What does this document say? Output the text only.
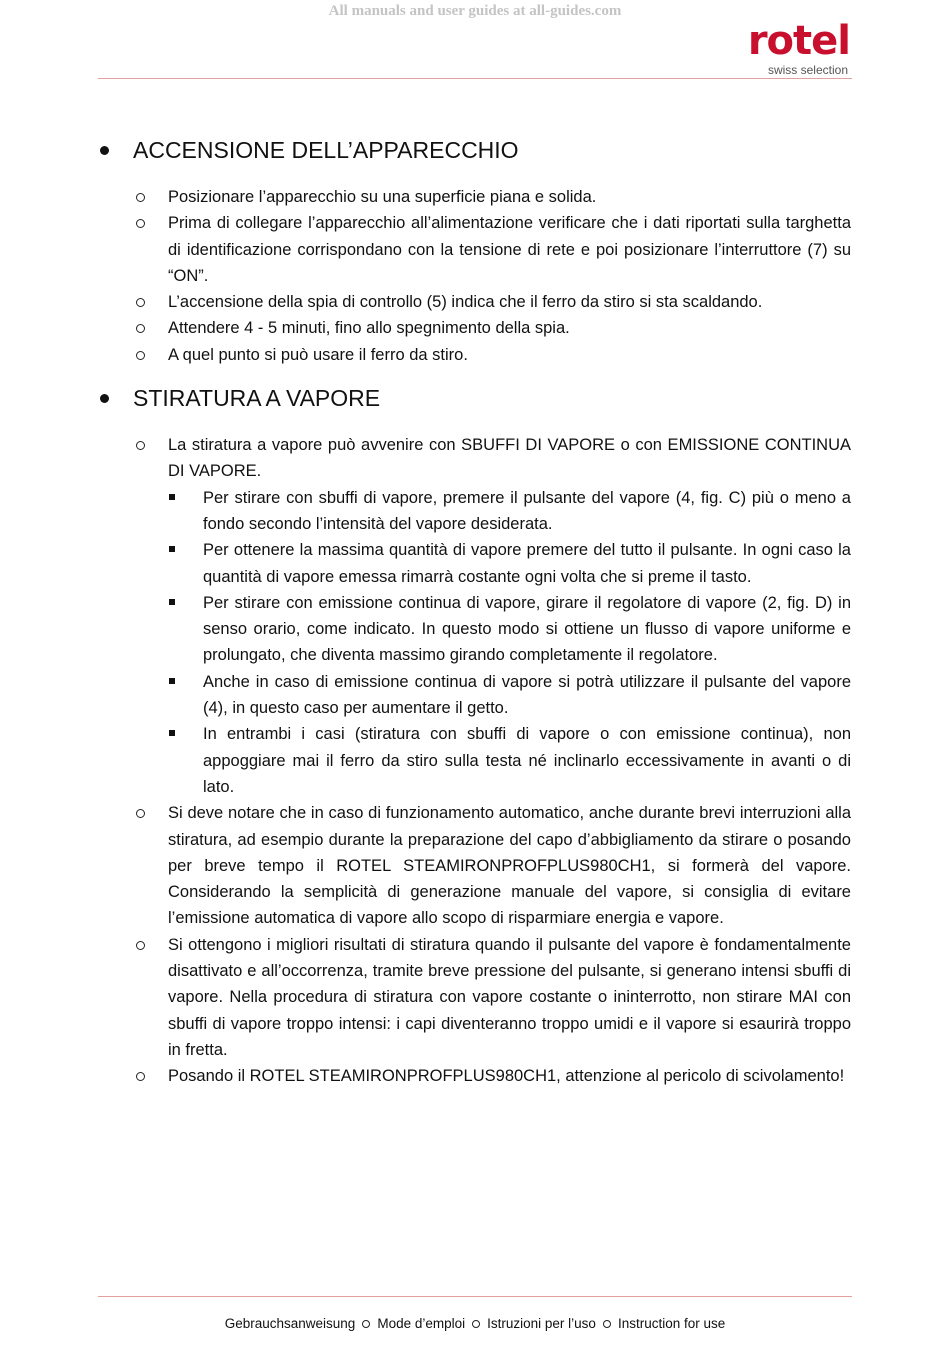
All manuals and user guides at all-guides.com
rotel
swiss selection
ACCENSIONE DELL’APPARECCHIO
Posizionare l’apparecchio su una superficie piana e solida.
Prima di collegare l’apparecchio all’alimentazione verificare che i dati riportati sulla targhetta di identificazione corrispondano con la tensione di rete e poi posizionare l’interruttore (7) su “ON”.
L’accensione della spia di controllo (5) indica che il ferro da stiro si sta scaldando.
Attendere 4 - 5 minuti, fino allo spegnimento della spia.
A quel punto si può usare il ferro da stiro.
STIRATURA A VAPORE
La stiratura a vapore può avvenire con SBUFFI DI VAPORE o con EMISSIONE CONTINUA DI VAPORE.
Per stirare con sbuffi di vapore, premere il pulsante del vapore (4, fig. C) più o meno a fondo secondo l’intensità del vapore desiderata.
Per ottenere la massima quantità di vapore premere del tutto il pulsante. In ogni caso la quantità di vapore emessa rimarrà costante ogni volta che si preme il tasto.
Per stirare con emissione continua di vapore, girare il regolatore di vapore (2, fig. D) in senso orario, come indicato. In questo modo si ottiene un flusso di vapore uniforme e prolungato, che diventa massimo girando completamente il regolatore.
Anche in caso di emissione continua di vapore si potrà utilizzare il pulsante del vapore (4), in questo caso per aumentare il getto.
In entrambi i casi (stiratura con sbuffi di vapore o con emissione continua), non appoggiare mai il ferro da stiro sulla testa né inclinarlo eccessivamente in avanti o di lato.
Si deve notare che in caso di funzionamento automatico, anche durante brevi interruzioni alla stiratura, ad esempio durante la preparazione del capo d’abbigliamento da stirare o posando per breve tempo il ROTEL STEAMIRONPROFPLUS980CH1, si formerà del vapore. Considerando la semplicità di generazione manuale del vapore, si consiglia di evitare l’emissione automatica di vapore allo scopo di risparmiare energia e vapore.
Si ottengono i migliori risultati di stiratura quando il pulsante del vapore è fondamentalmente disattivato e all’occorrenza, tramite breve pressione del pulsante, si generano intensi sbuffi di vapore. Nella procedura di stiratura con vapore costante o ininterrotto, non stirare MAI con sbuffi di vapore troppo intensi: i capi diventeranno troppo umidi e il vapore si esaurirà troppo in fretta.
Posando il ROTEL STEAMIRONPROFPLUS980CH1, attenzione al pericolo di scivolamento!
Gebrauchsanweisung Mode d’emploi Istruzioni per l’uso Instruction for use
